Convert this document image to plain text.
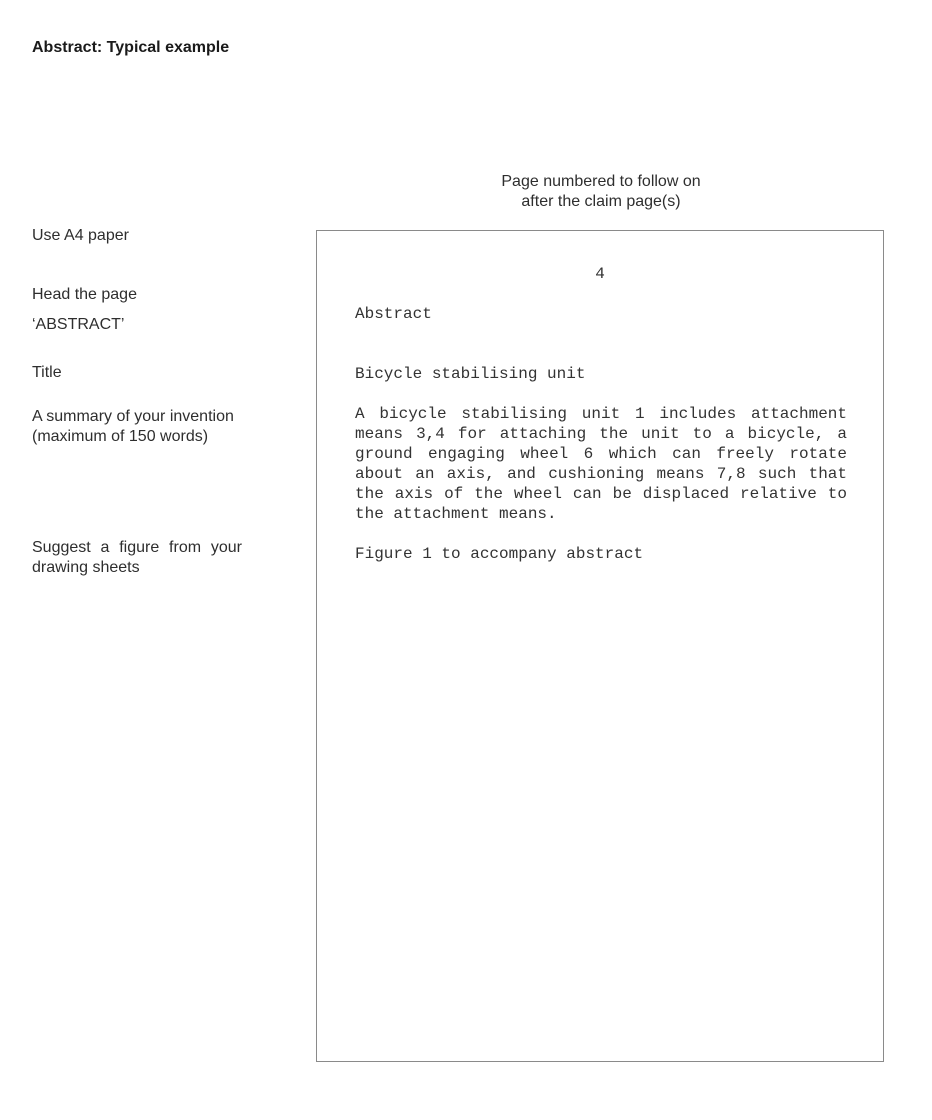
Abstract: Typical example
Page numbered to follow on
after the claim page(s)

Use A4 paper

Head the page

‘ABSTRACT’

Title

A summary of your invention (maximum of 150 words)

Suggest a figure from your drawing sheets

4

Abstract

Bicycle stabilising unit

A bicycle stabilising unit 1 includes attachment means 3,4 for attaching the unit to a bicycle, a ground engaging wheel 6 which can freely rotate about an axis, and cushioning means 7,8 such that the axis of the wheel can be displaced relative to the attachment means.

Figure 1 to accompany abstract
